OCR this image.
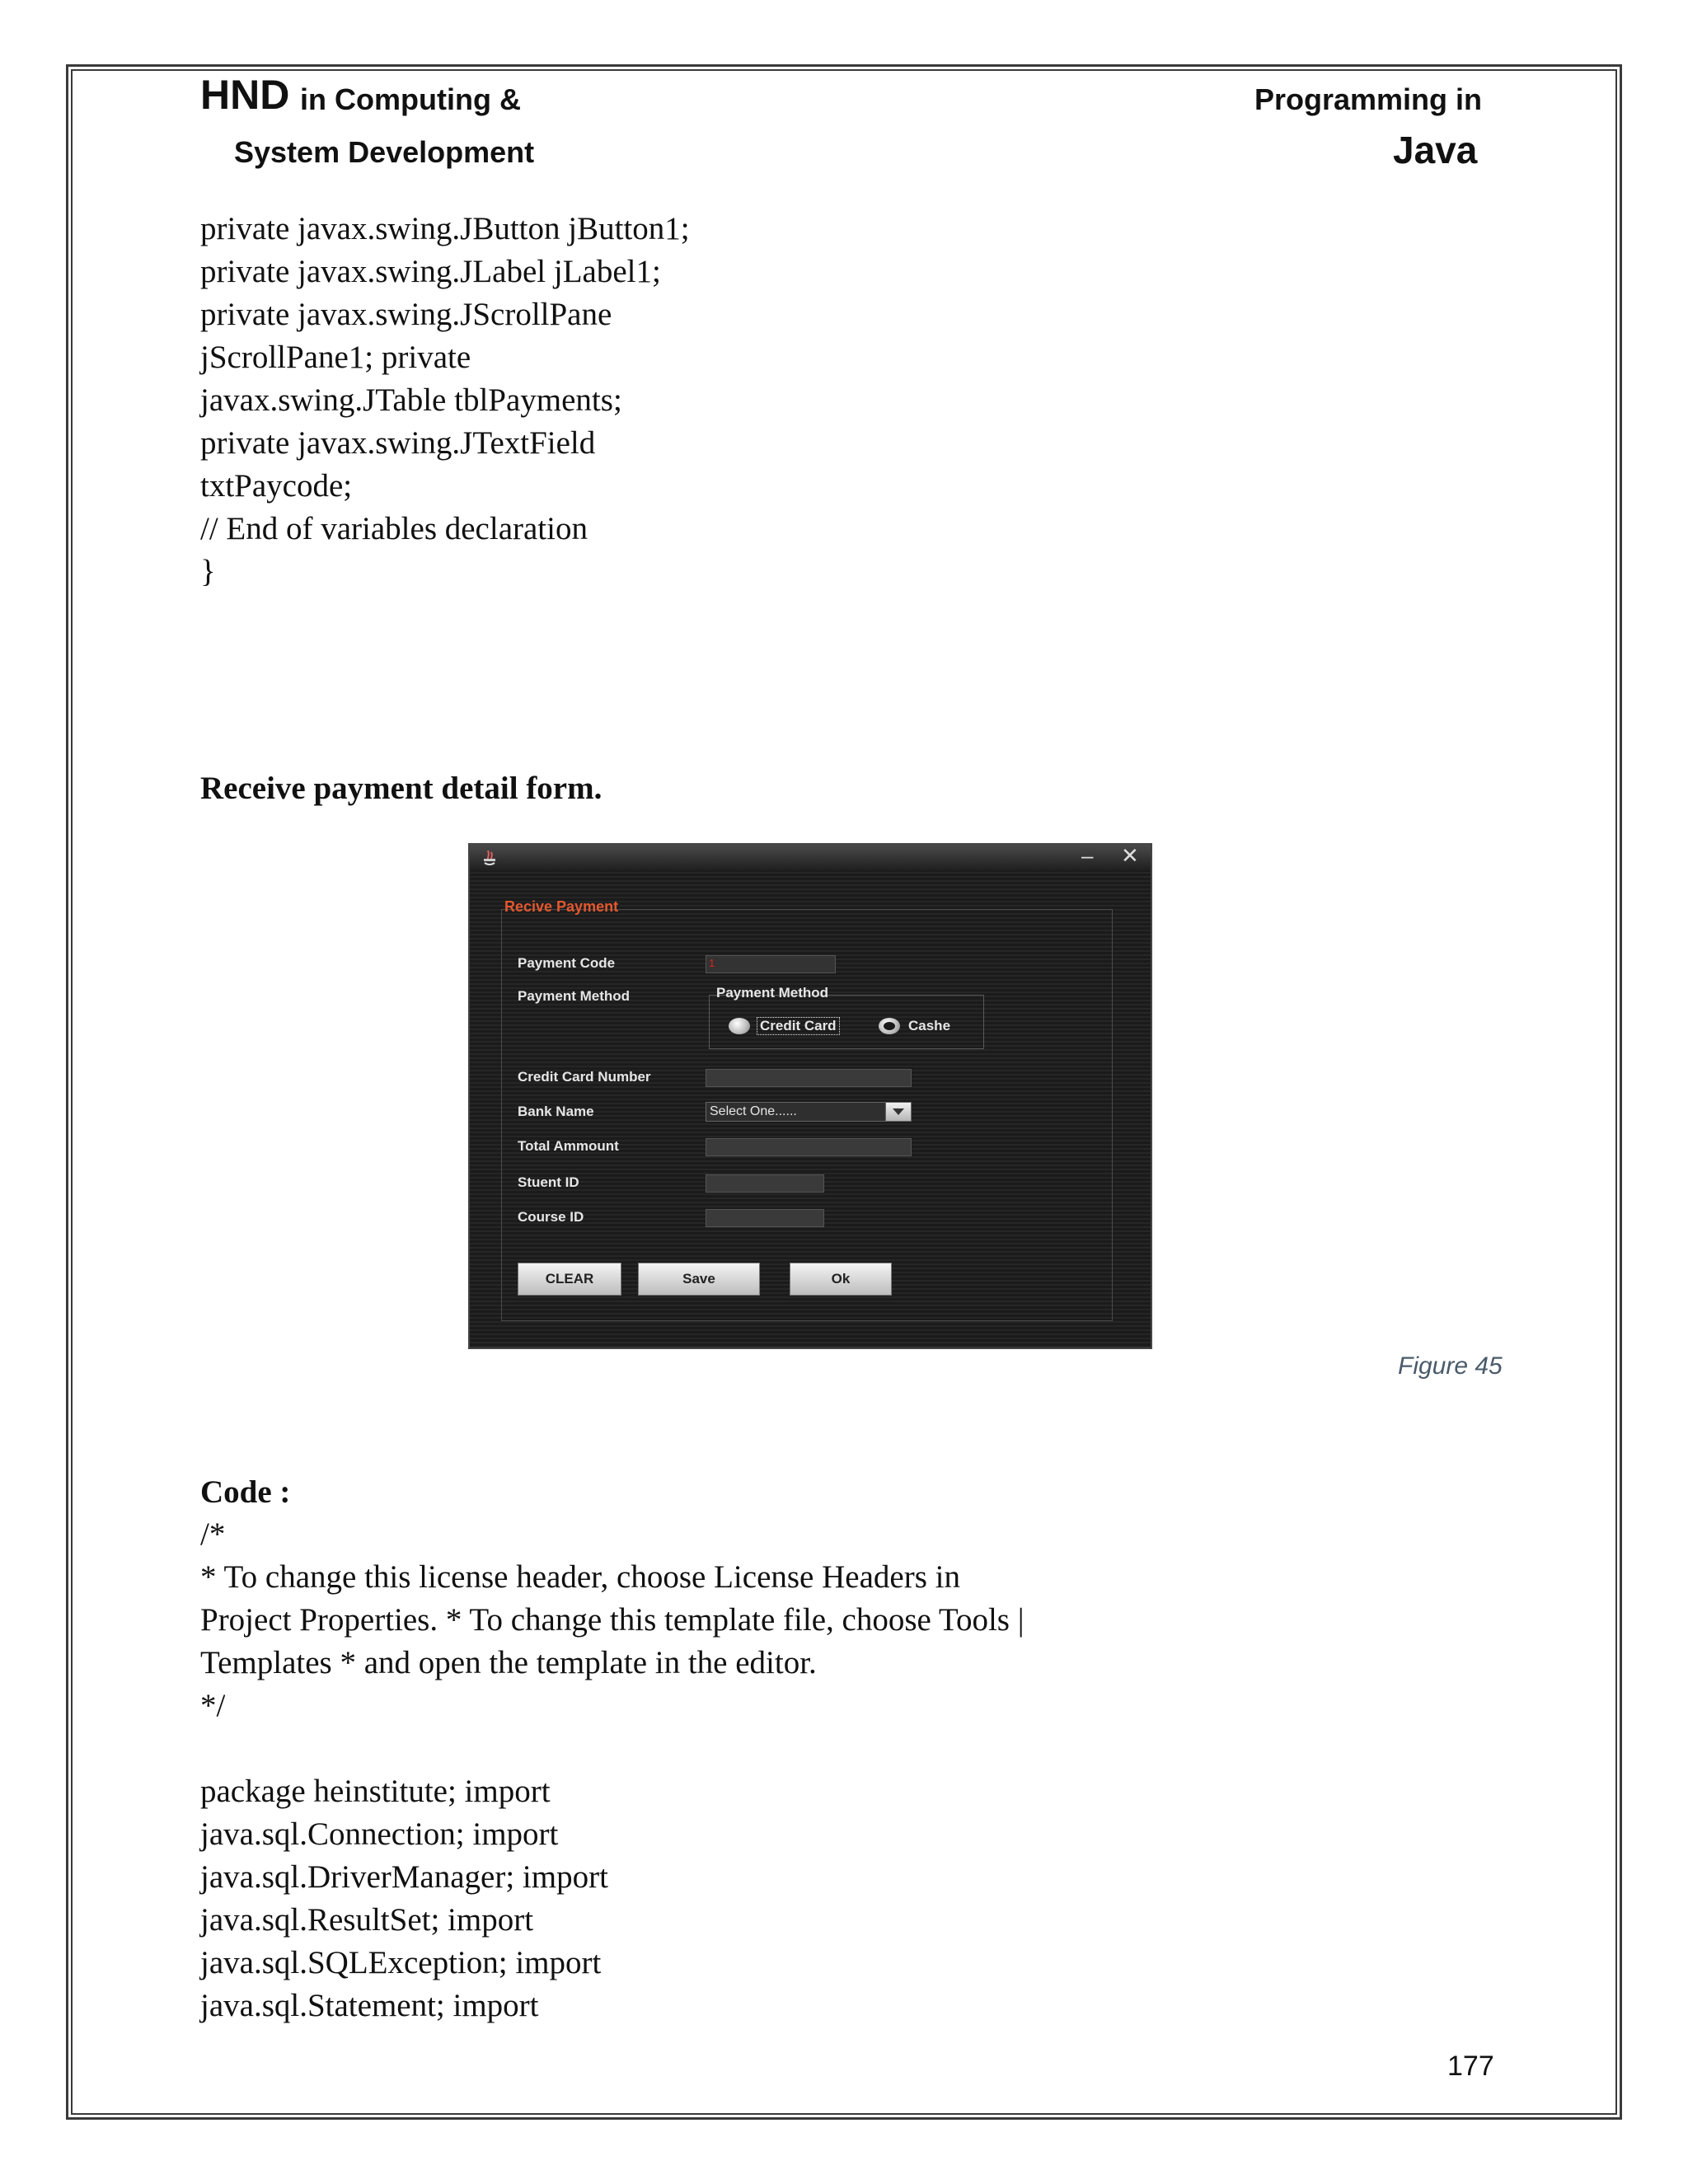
HND in Computing &
System Development
Programming in
Java
private javax.swing.JButton jButton1;
private javax.swing.JLabel jLabel1;
private javax.swing.JScrollPane
jScrollPane1; private
javax.swing.JTable tblPayments;
private javax.swing.JTextField
txtPaycode;
// End of variables declaration
}
Receive payment detail form.
– ✕
Recive Payment
Payment Code	1
Payment Method	Payment Method
Credit Card	Cashe
Credit Card Number
Bank Name	Select One......
Total Ammount
Stuent ID
Course ID
CLEAR	Save	Ok
Figure 45
Code :
/*
* To change this license header, choose License Headers in
Project Properties. * To change this template file, choose Tools |
Templates * and open the template in the editor.
*/
package heinstitute; import
java.sql.Connection; import
java.sql.DriverManager; import
java.sql.ResultSet; import
java.sql.SQLException; import
java.sql.Statement; import
177
